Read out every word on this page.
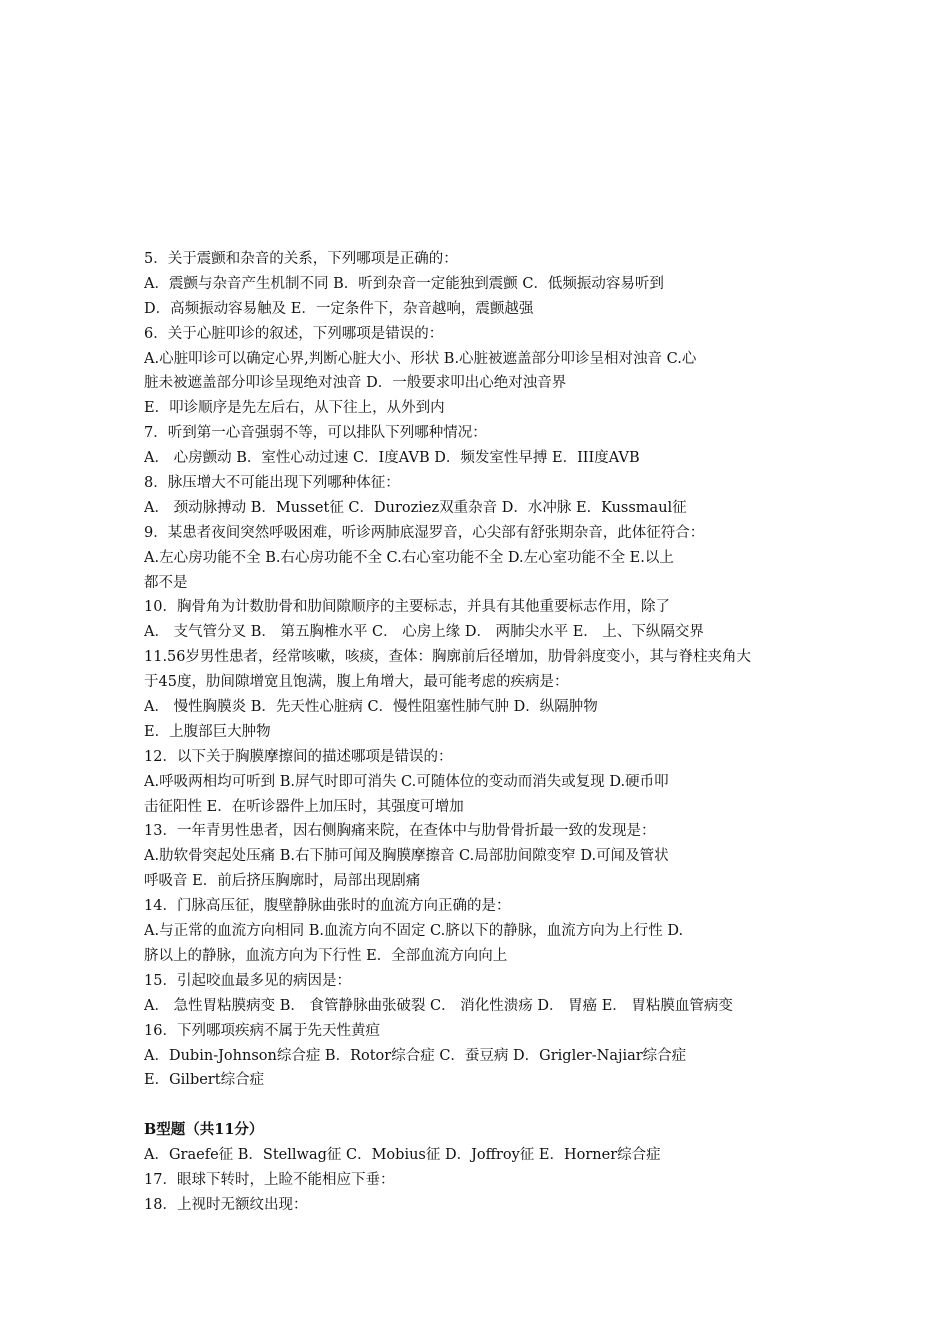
5．关于震颤和杂音的关系，下列哪项是正确的：
A．震颤与杂音产生机制不同 B．听到杂音一定能独到震颤 C．低频振动容易听到
D．高频振动容易触及 E．一定条件下，杂音越响，震颤越强
6．关于心脏叩诊的叙述，下列哪项是错误的：
A.心脏叩诊可以确定心界,判断心脏大小、形状 B.心脏被遮盖部分叩诊呈相对浊音 C.心
脏未被遮盖部分叩诊呈现绝对浊音 D．一般要求叩出心绝对浊音界
E．叩诊顺序是先左后右，从下往上，从外到内
7．听到第一心音强弱不等，可以排队下列哪种情况：
A． 心房颤动 B．室性心动过速 C．I度AVB D．频发室性早搏 E．III度AVB
8．脉压增大不可能出现下列哪种体征：
A． 颈动脉搏动 B．Musset征 C．Duroziez双重杂音 D．水冲脉 E．Kussmaul征
9．某患者夜间突然呼吸困难，听诊两肺底湿罗音，心尖部有舒张期杂音，此体征符合：
A.左心房功能不全 B.右心房功能不全 C.右心室功能不全 D.左心室功能不全 E.以上
都不是
10．胸骨角为计数肋骨和肋间隙顺序的主要标志，并具有其他重要标志作用，除了
A． 支气管分叉 B． 第五胸椎水平 C． 心房上缘 D． 两肺尖水平 E． 上、下纵隔交界
11.56岁男性患者，经常咳嗽，咳痰，查体：胸廓前后径增加，肋骨斜度变小，其与脊柱夹角大
于45度，肋间隙增宽且饱满，腹上角增大，最可能考虑的疾病是：
A． 慢性胸膜炎 B．先天性心脏病 C．慢性阻塞性肺气肿 D．纵隔肿物
E．上腹部巨大肿物
12．以下关于胸膜摩擦间的描述哪项是错误的：
A.呼吸两相均可听到 B.屏气时即可消失 C.可随体位的变动而消失或复现 D.硬币叩
击征阳性 E．在听诊器件上加压时，其强度可增加
13．一年青男性患者，因右侧胸痛来院，在查体中与肋骨骨折最一致的发现是：
A.肋软骨突起处压痛 B.右下肺可闻及胸膜摩擦音 C.局部肋间隙变窄 D.可闻及管状
呼吸音 E．前后挤压胸廓时，局部出现剧痛
14．门脉高压征，腹壁静脉曲张时的血流方向正确的是：
A.与正常的血流方向相同 B.血流方向不固定 C.脐以下的静脉，血流方向为上行性 D.
脐以上的静脉，血流方向为下行性 E．全部血流方向向上
15．引起咬血最多见的病因是：
A． 急性胃粘膜病变 B． 食管静脉曲张破裂 C． 消化性溃疡 D． 胃癌 E． 胃粘膜血管病变
16．下列哪项疾病不属于先天性黄疸
A．Dubin-Johnson综合症 B．Rotor综合症 C．蚕豆病 D．Grigler-Najiar综合症
E．Gilbert综合症
B型题（共11分）
A．Graefe征 B．Stellwag征 C．Mobius征 D．Joffroy征 E．Horner综合症
17．眼球下转时，上睑不能相应下垂：
18．上视时无额纹出现：
